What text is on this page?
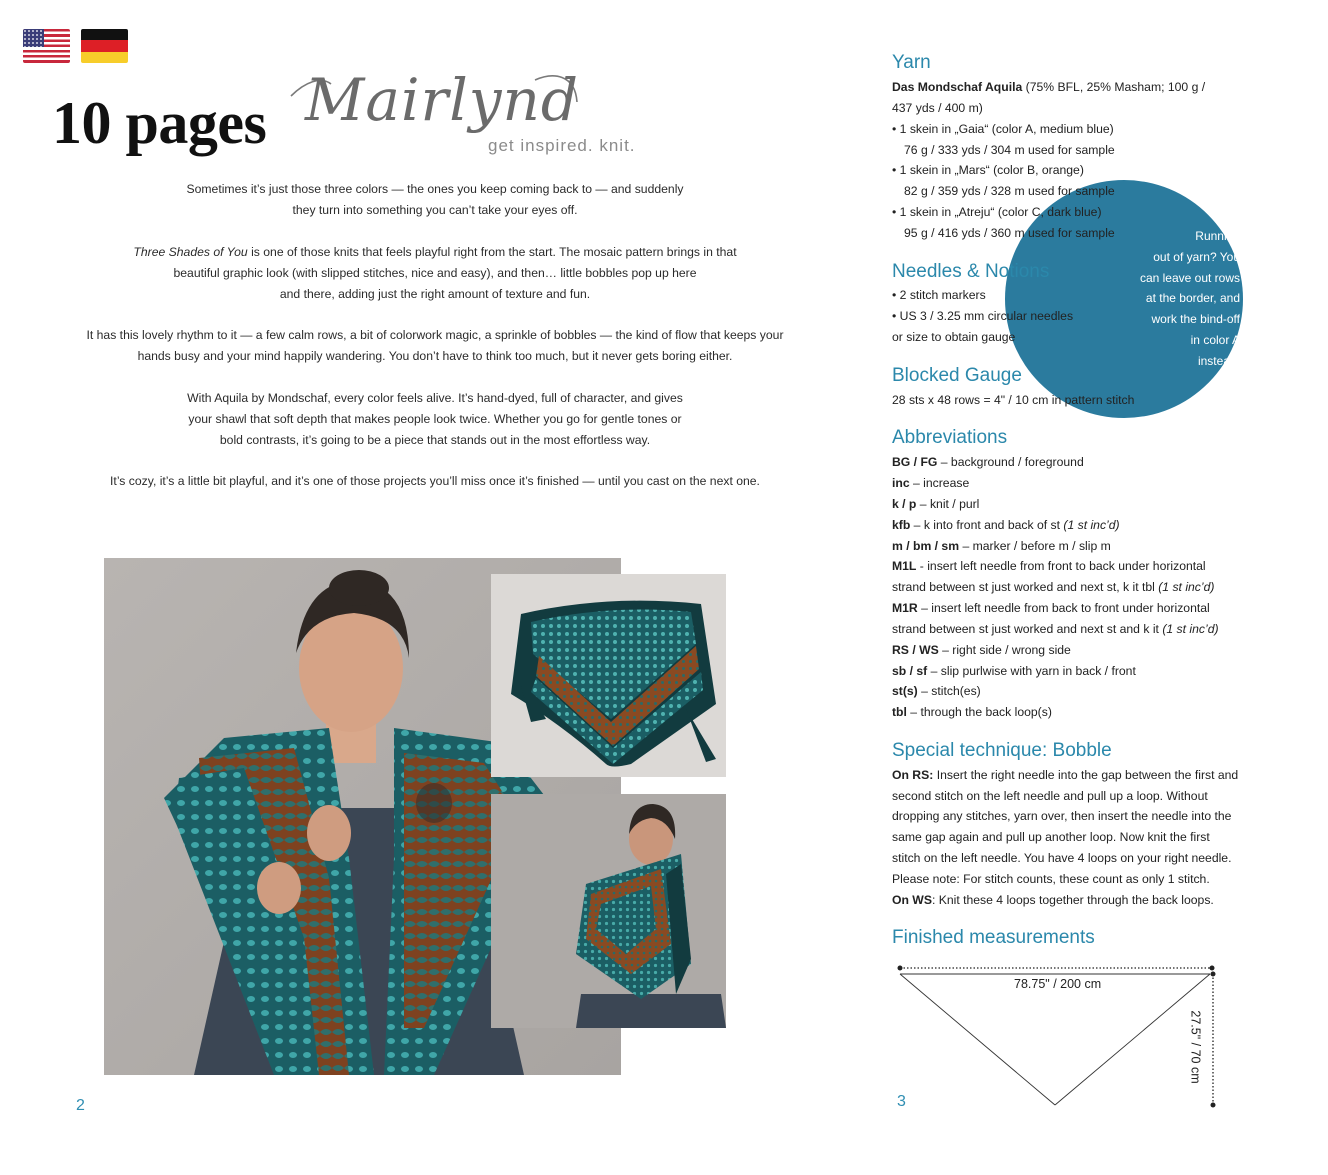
10 pages Mairlynd
get inspired. knit.

Sometimes it’s just those three colors — the ones you keep coming back to — and suddenly
they turn into something you can’t take your eyes off.

Three Shades of You is one of those knits that feels playful right from the start. The mosaic pattern brings in that
beautiful graphic look (with slipped stitches, nice and easy), and then… little bobbles pop up here
and there, adding just the right amount of texture and fun.

It has this lovely rhythm to it — a few calm rows, a bit of colorwork magic, a sprinkle of bobbles — the kind of flow that keeps your
hands busy and your mind happily wandering. You don’t have to think too much, but it never gets boring either.

With Aquila by Mondschaf, every color feels alive. It’s hand-dyed, full of character, and gives
your shawl that soft depth that makes people look twice. Whether you go for gentle tones or
bold contrasts, it’s going to be a piece that stands out in the most effortless way.

It’s cozy, it’s a little bit playful, and it’s one of those projects you’ll miss once it’s finished — until you cast on the next one.

2	3
Running
out of yarn? You
can leave out rows
at the border, and
work the bind-off
in color A
instead!
Yarn
Das Mondschaf Aquila (75% BFL, 25% Masham; 100 g /
437 yds / 400 m)
• 1 skein in „Gaia“ (color A, medium blue)
76 g / 333 yds / 304 m used for sample
• 1 skein in „Mars“ (color B, orange)
82 g / 359 yds / 328 m used for sample
• 1 skein in „Atreju“ (color C, dark blue)
95 g / 416 yds / 360 m used for sample
Needles & Notions
• 2 stitch markers
• US 3 / 3.25 mm circular needles
or size to obtain gauge
Blocked Gauge
28 sts x 48 rows = 4" / 10 cm in pattern stitch
Abbreviations
BG / FG – background / foreground
inc – increase
k / p – knit / purl
kfb – k into front and back of st (1 st inc’d)
m / bm / sm – marker / before m / slip m
M1L - insert left needle from front to back under horizontal
strand between st just worked and next st, k it tbl (1 st inc’d)
M1R – insert left needle from back to front under horizontal
strand between st just worked and next st and k it (1 st inc’d)
RS / WS – right side / wrong side
sb / sf – slip purlwise with yarn in back / front
st(s) – stitch(es)
tbl – through the back loop(s)
Special technique: Bobble
On RS: Insert the right needle into the gap between the first and
second stitch on the left needle and pull up a loop. Without
dropping any stitches, yarn over, then insert the needle into the
same gap again and pull up another loop. Now knit the first
stitch on the left needle. You have 4 loops on your right needle.
Please note: For stitch counts, these count as only 1 stitch.
On WS: Knit these 4 loops together through the back loops.
Finished measurements
78.75" / 200 cm
27.5" / 70 cm
